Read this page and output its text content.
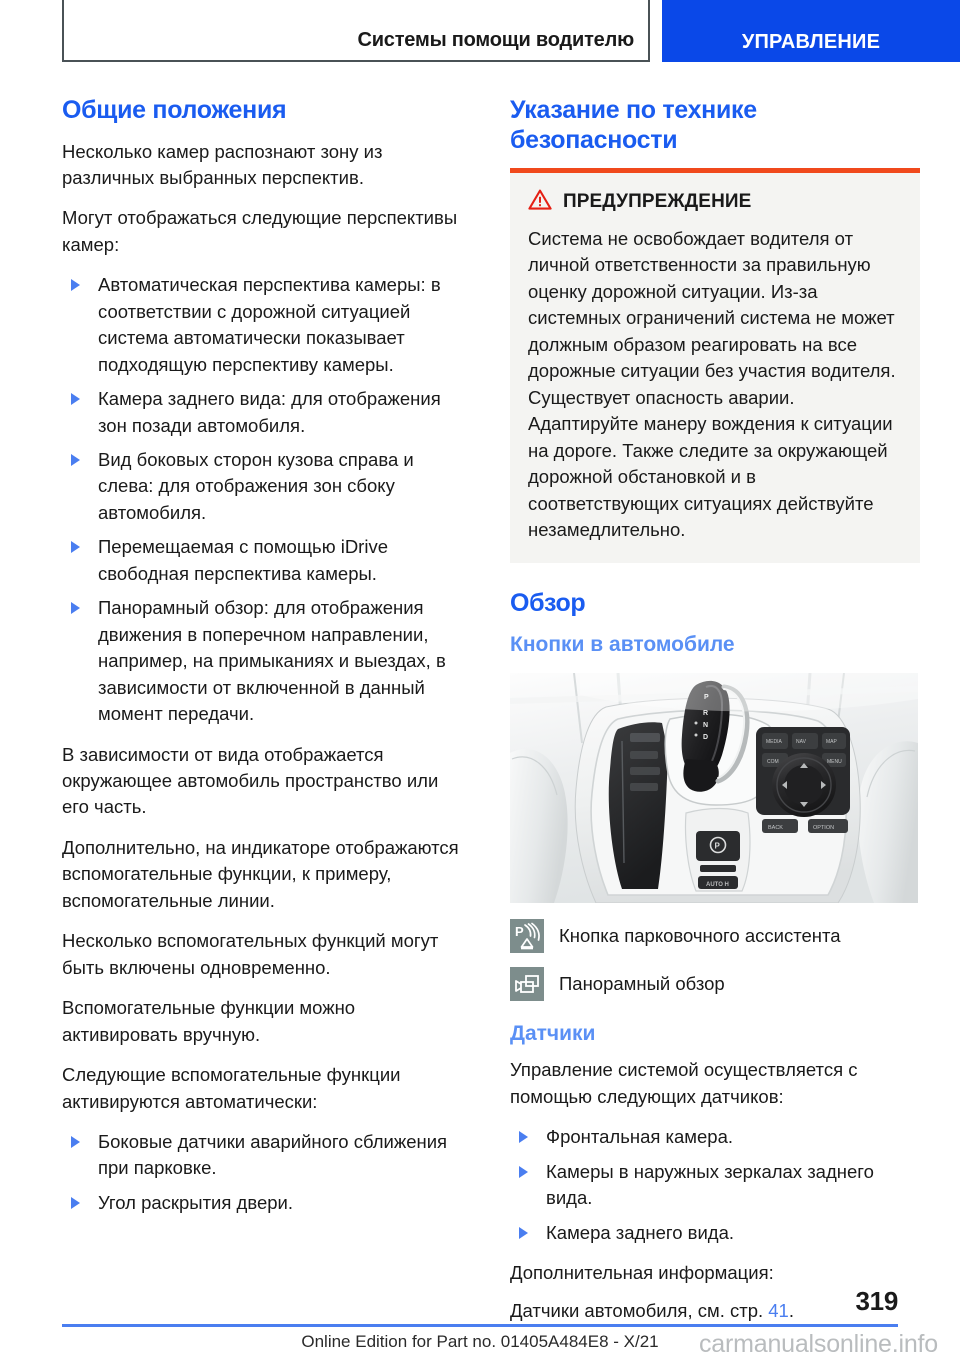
Системы помощи водителю	УПРАВЛЕНИЕ
Общие положения

Несколько камер распознают зону из различных выбранных перспектив.

Могут отображаться следующие перспективы камер:

Автоматическая перспектива камеры: в соответствии с дорожной ситуацией система автоматически показывает подходящую перспективу камеры.
Камера заднего вида: для отображения зон позади автомобиля.
Вид боковых сторон кузова справа и слева: для отображения зон сбоку автомобиля.
Перемещаемая с помощью iDrive свободная перспектива камеры.
Панорамный обзор: для отображения движения в поперечном направлении, например, на примыканиях и выездах, в зависимости от включенной в данный момент передачи.

В зависимости от вида отображается окружающее автомобиль пространство или его часть.

Дополнительно, на индикаторе отображаются вспомогательные функции, к примеру, вспомогательные линии.

Несколько вспомогательных функций могут быть включены одновременно.

Вспомогательные функции можно активировать вручную.

Следующие вспомогательные функции активируются автоматически:

Боковые датчики аварийного сближения при парковке.
Угол раскрытия двери.
Указание по технике безопасности
ПРЕДУПРЕЖДЕНИЕ

Система не освобождает водителя от личной ответственности за правильную оценку дорожной ситуации. Из-за системных ограничений система не может должным образом реагировать на все дорожные ситуации без участия водителя. Существует опасность аварии. Адаптируйте манеру вождения к ситуации на дороге. Также следите за окружающей дорожной обстановкой и в соответствующих ситуациях действуйте незамедлительно.

Обзор
Кнопки в автомобиле
P
R
N
D
P
AUTO H
MEDIA	NAV	MAP
COM	MENU
BACK	OPTION
P Кнопка парковочного ассистента
Панорамный обзор
Датчики

Управление системой осуществляется с помощью следующих датчиков:

Фронтальная камера.
Камеры в наружных зеркалах заднего вида.
Камера заднего вида.

Дополнительная информация:

Датчики автомобиля, см. стр. 41.	319
Online Edition for Part no. 01405A484E8 - X/21	carmanualsonline.info
